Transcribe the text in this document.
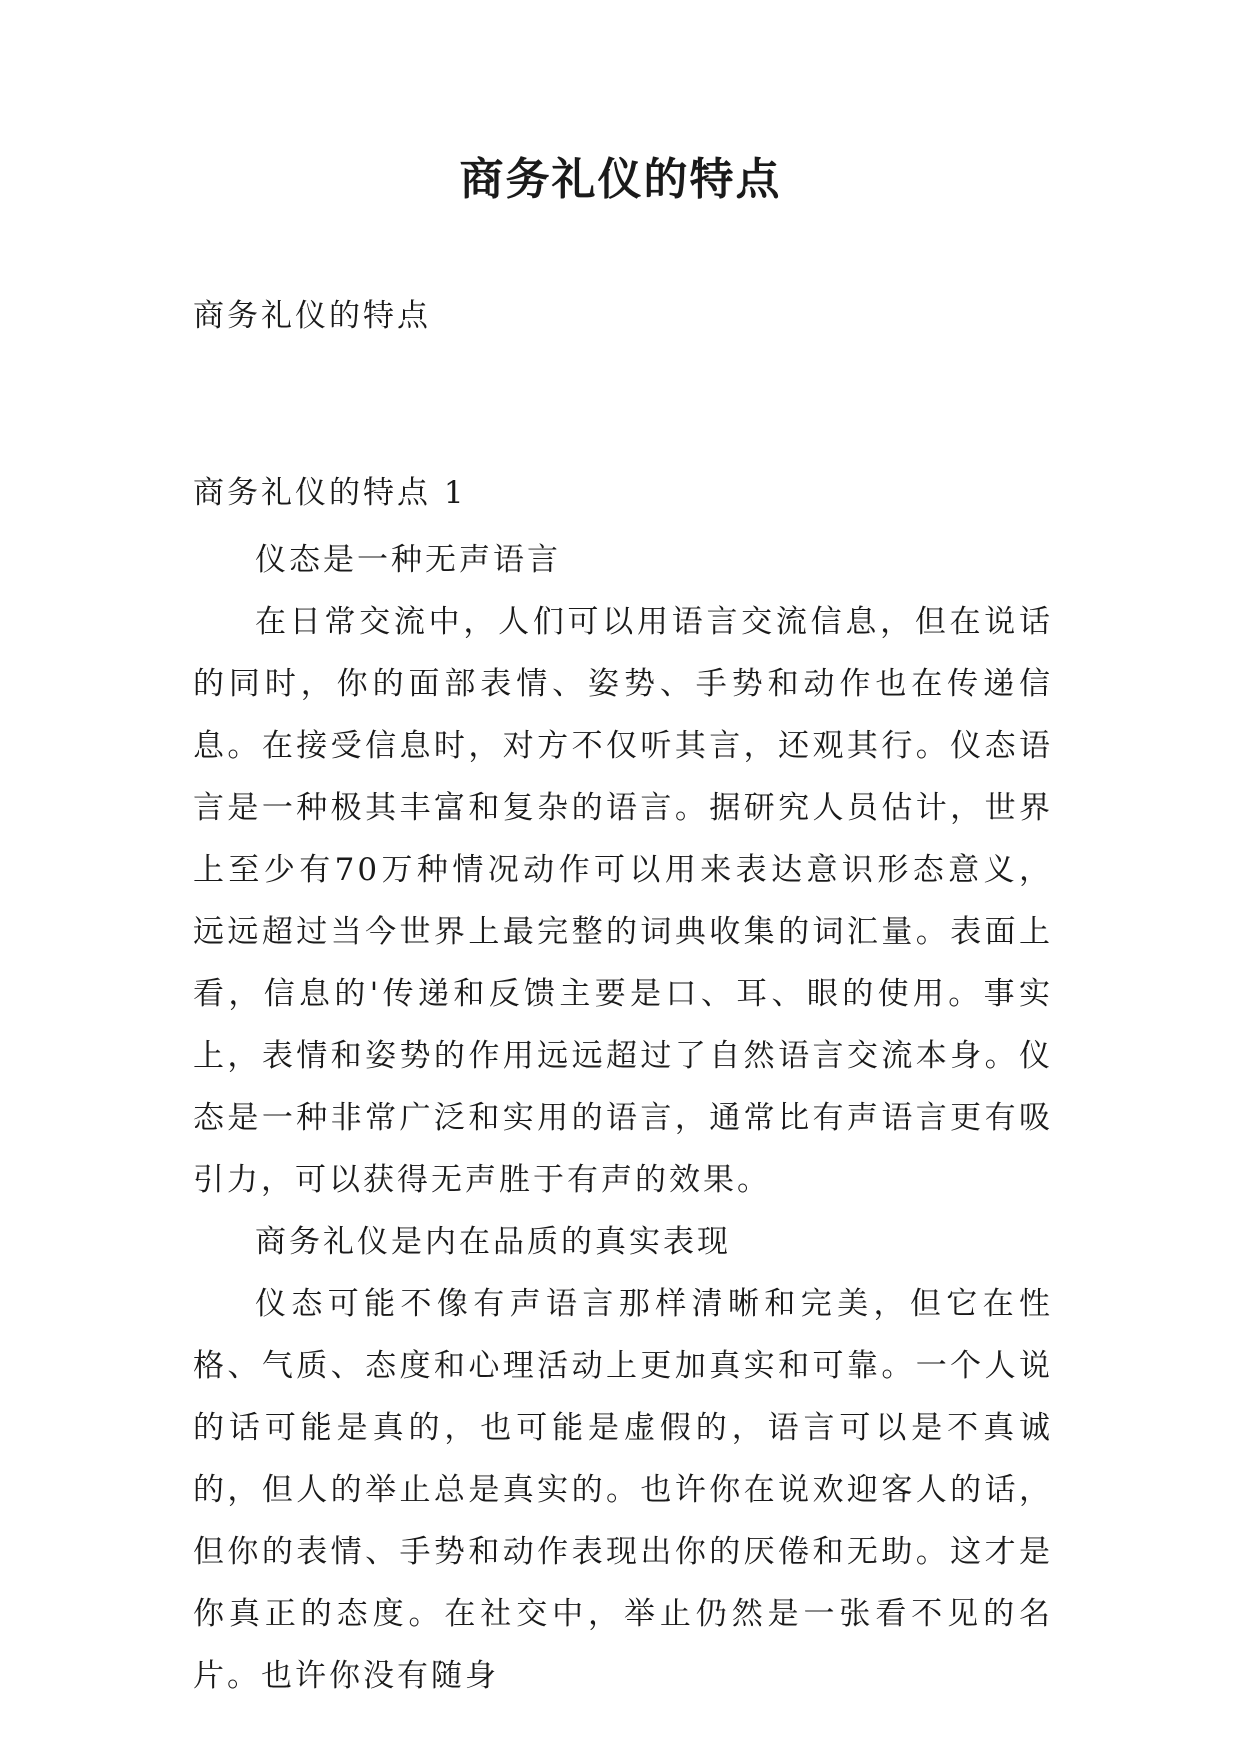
商务礼仪的特点
商务礼仪的特点
商务礼仪的特点 1

仪态是一种无声语言

在日常交流中，人们可以用语言交流信息，但在说话的同时，你的面部表情、姿势、手势和动作也在传递信息。在接受信息时，对方不仅听其言，还观其行。仪态语言是一种极其丰富和复杂的语言。据研究人员估计，世界上至少有70万种情况动作可以用来表达意识形态意义，远远超过当今世界上最完整的词典收集的词汇量。表面上看，信息的'传递和反馈主要是口、耳、眼的使用。事实上，表情和姿势的作用远远超过了自然语言交流本身。仪态是一种非常广泛和实用的语言，通常比有声语言更有吸引力，可以获得无声胜于有声的效果。

商务礼仪是内在品质的真实表现

仪态可能不像有声语言那样清晰和完美，但它在性格、气质、态度和心理活动上更加真实和可靠。一个人说的话可能是真的，也可能是虚假的，语言可以是不真诚的，但人的举止总是真实的。也许你在说欢迎客人的话，但你的表情、手势和动作表现出你的厌倦和无助。这才是你真正的态度。在社交中，举止仍然是一张看不见的名片。也许你没有随身
